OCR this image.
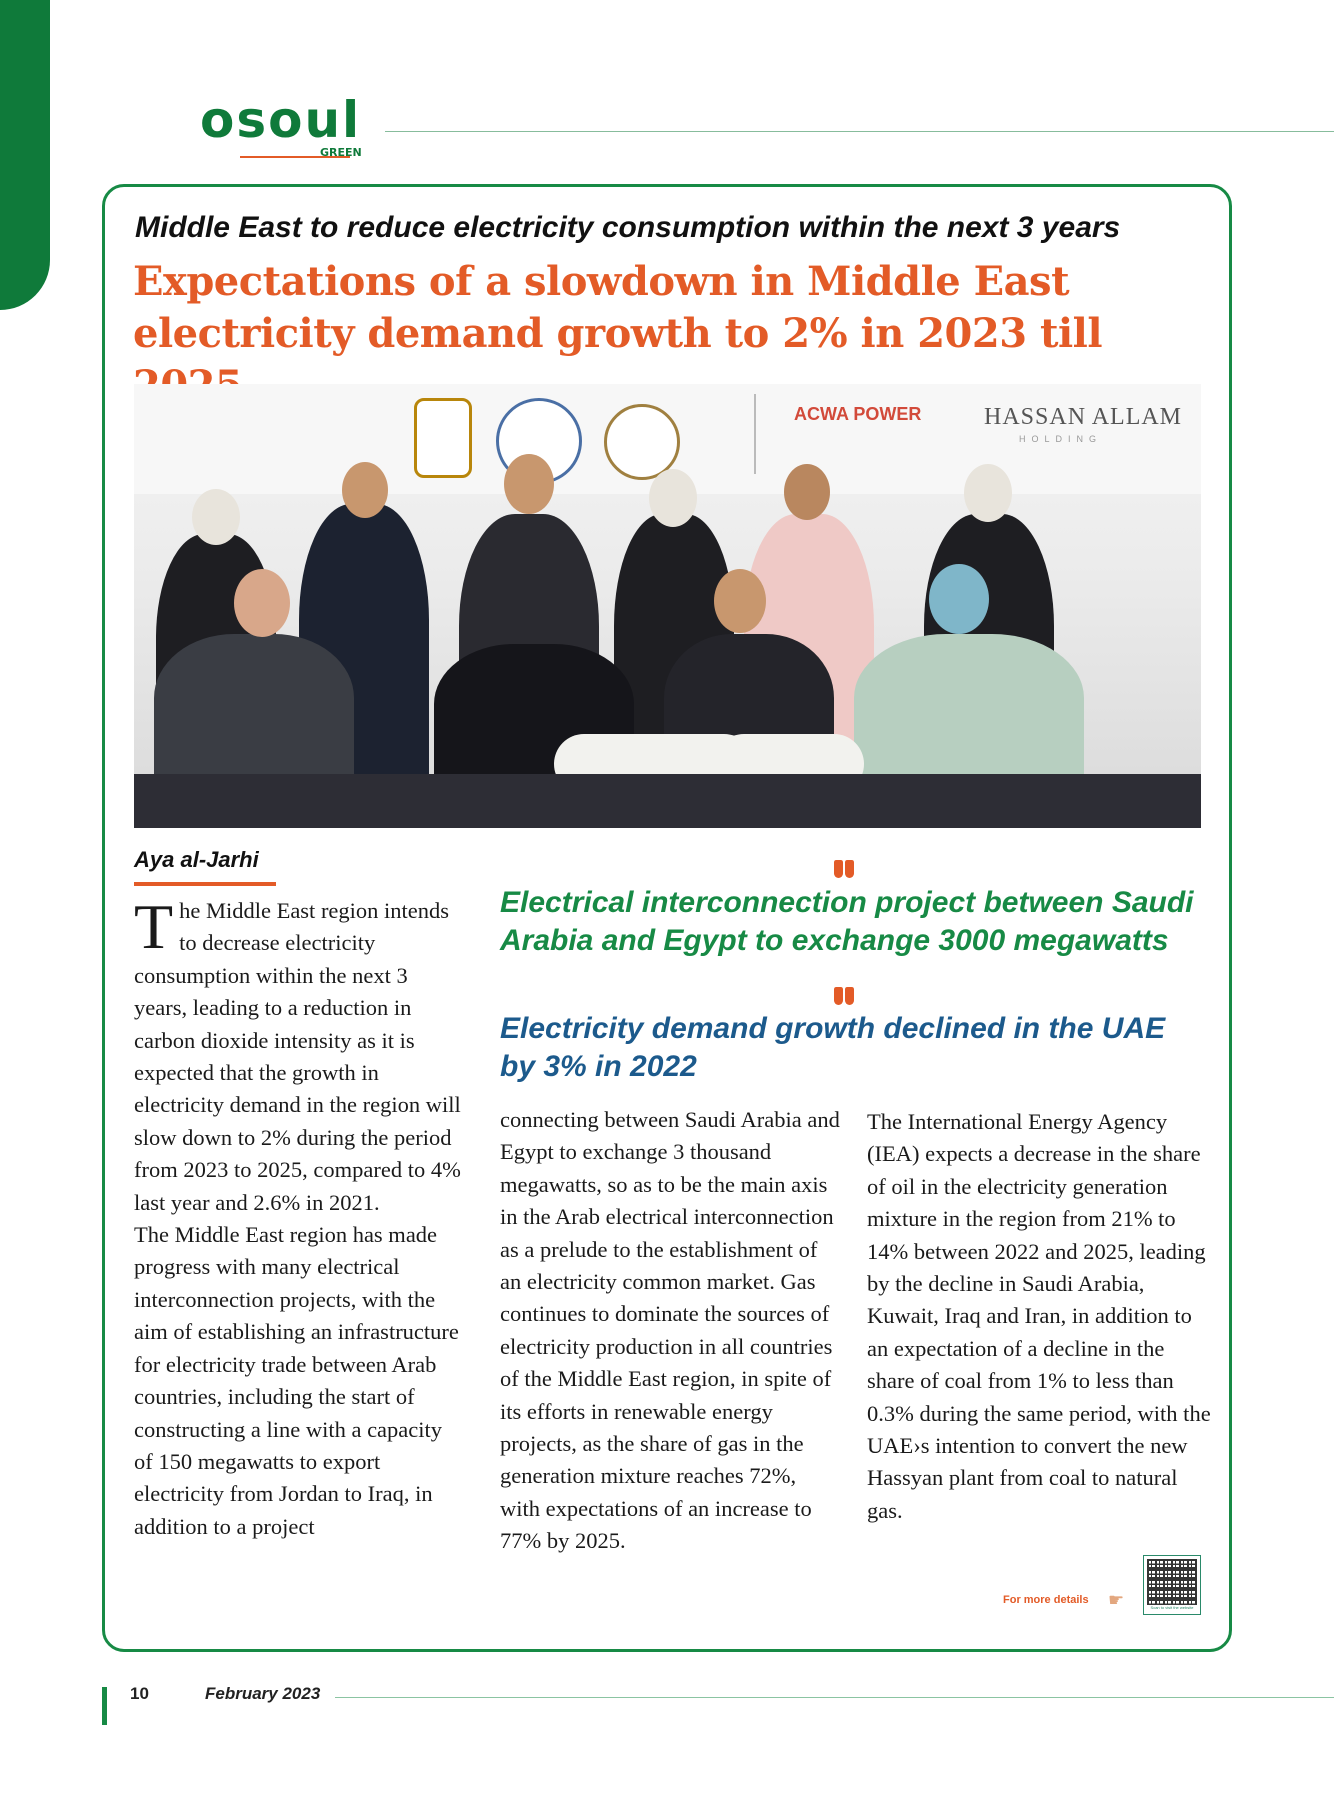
osoul
GREEN
Middle East to reduce electricity consumption within the next 3 years
Expectations of a slowdown in Middle East electricity demand growth to 2% in 2023 till
ACWA POWER	HASSAN ALLAM
HOLDING
Aya al-Jarhi

The Middle East region intends to decrease electricity consumption within the next 3 years, leading to a reduction in carbon dioxide intensity as it is expected that the growth in electricity demand in the region will slow down to 2% during the period from 2023 to 2025, compared to 4% last year and 2.6% in 2021.

The Middle East region has made progress with many electrical interconnection projects, with the aim of establishing an infrastructure for electricity trade between Arab countries, including the start of constructing a line with a capacity of 150 megawatts to export electricity from Jordan to Iraq, in addition to a project

Electrical interconnection project between Saudi Arabia and Egypt to exchange 3000 megawatts
Electricity demand growth declined in the UAE by 3% in 2022

connecting between Saudi Arabia and Egypt to exchange 3 thousand megawatts, so as to be the main axis in the Arab electrical interconnection as a prelude to the establishment of an electricity common market. Gas continues to dominate the sources of electricity production in all countries of the Middle East region, in spite of its efforts in renewable energy projects, as the share of gas in the generation mixture reaches 72%, with expectations of an increase to 77% by 2025.

The International Energy Agency (IEA) expects a decrease in the share of oil in the electricity generation mixture in the region from 21% to 14% between 2022 and 2025, leading by the decline in Saudi Arabia, Kuwait, Iraq and Iran, in addition to an expectation of a decline in the share of coal from 1% to less than 0.3% during the same period, with the UAE›s intention to convert the new Hassyan plant from coal to natural gas.

For more details ☛	Scan to visit the website
10	February 2023
